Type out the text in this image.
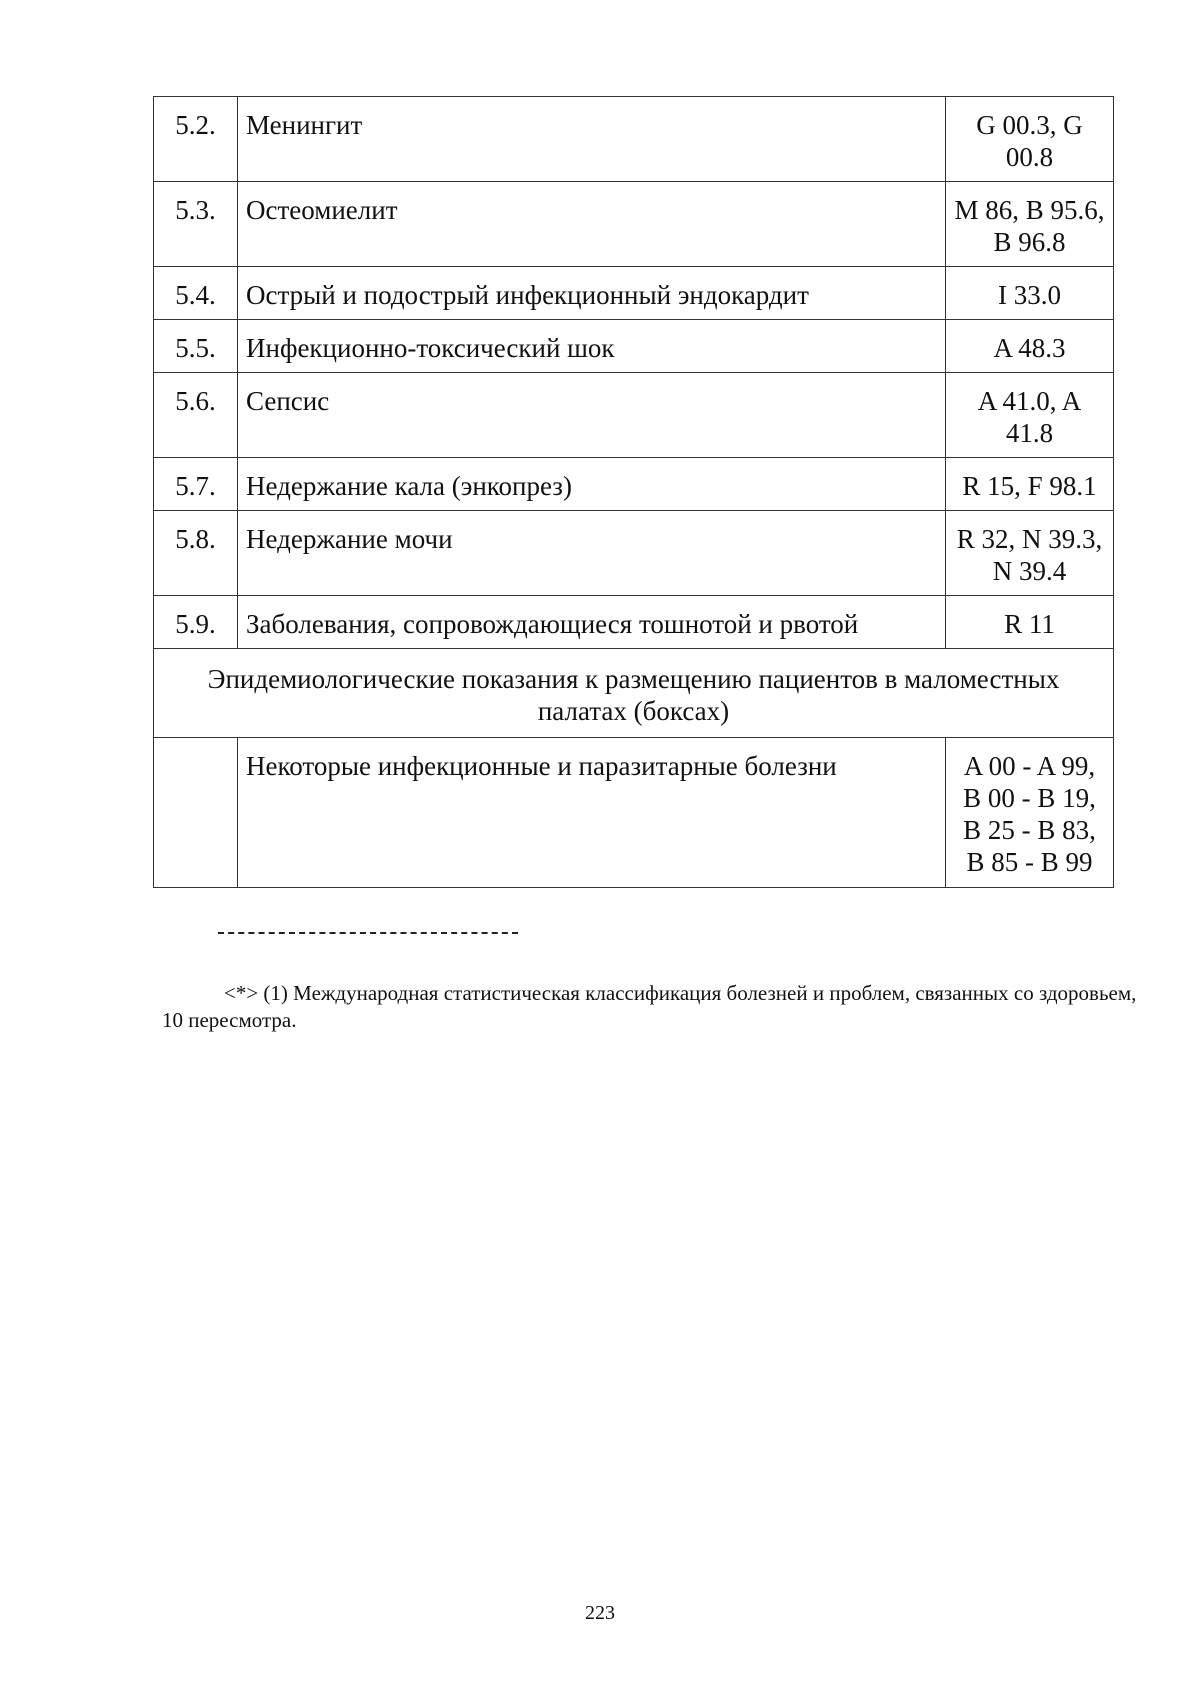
5.2.	Менингит	G 00.3, G
00.8

5.3.	Остеомиелит	M 86, B 95.6,
B 96.8

5.4.	Острый и подострый инфекционный эндокардит	I 33.0

5.5.	Инфекционно-токсический шок	A 48.3

5.6.	Сепсис	A 41.0, A
41.8

5.7.	Недержание кала (энкопрез)	R 15, F 98.1

5.8.	Недержание мочи	R 32, N 39.3,
N 39.4

5.9.	Заболевания, сопровождающиеся тошнотой и рвотой	R 11

Эпидемиологические показания к размещению пациентов в маломестных палатах (боксах)		
	Некоторые инфекционные и паразитарные болезни	A 00 - A 99,
B 00 - B 19,
B 25 - B 83,
B 85 - B 99
<*> (1) Международная статистическая классификация болезней и проблем, связанных со здоровьем, 10 пересмотра.
223
